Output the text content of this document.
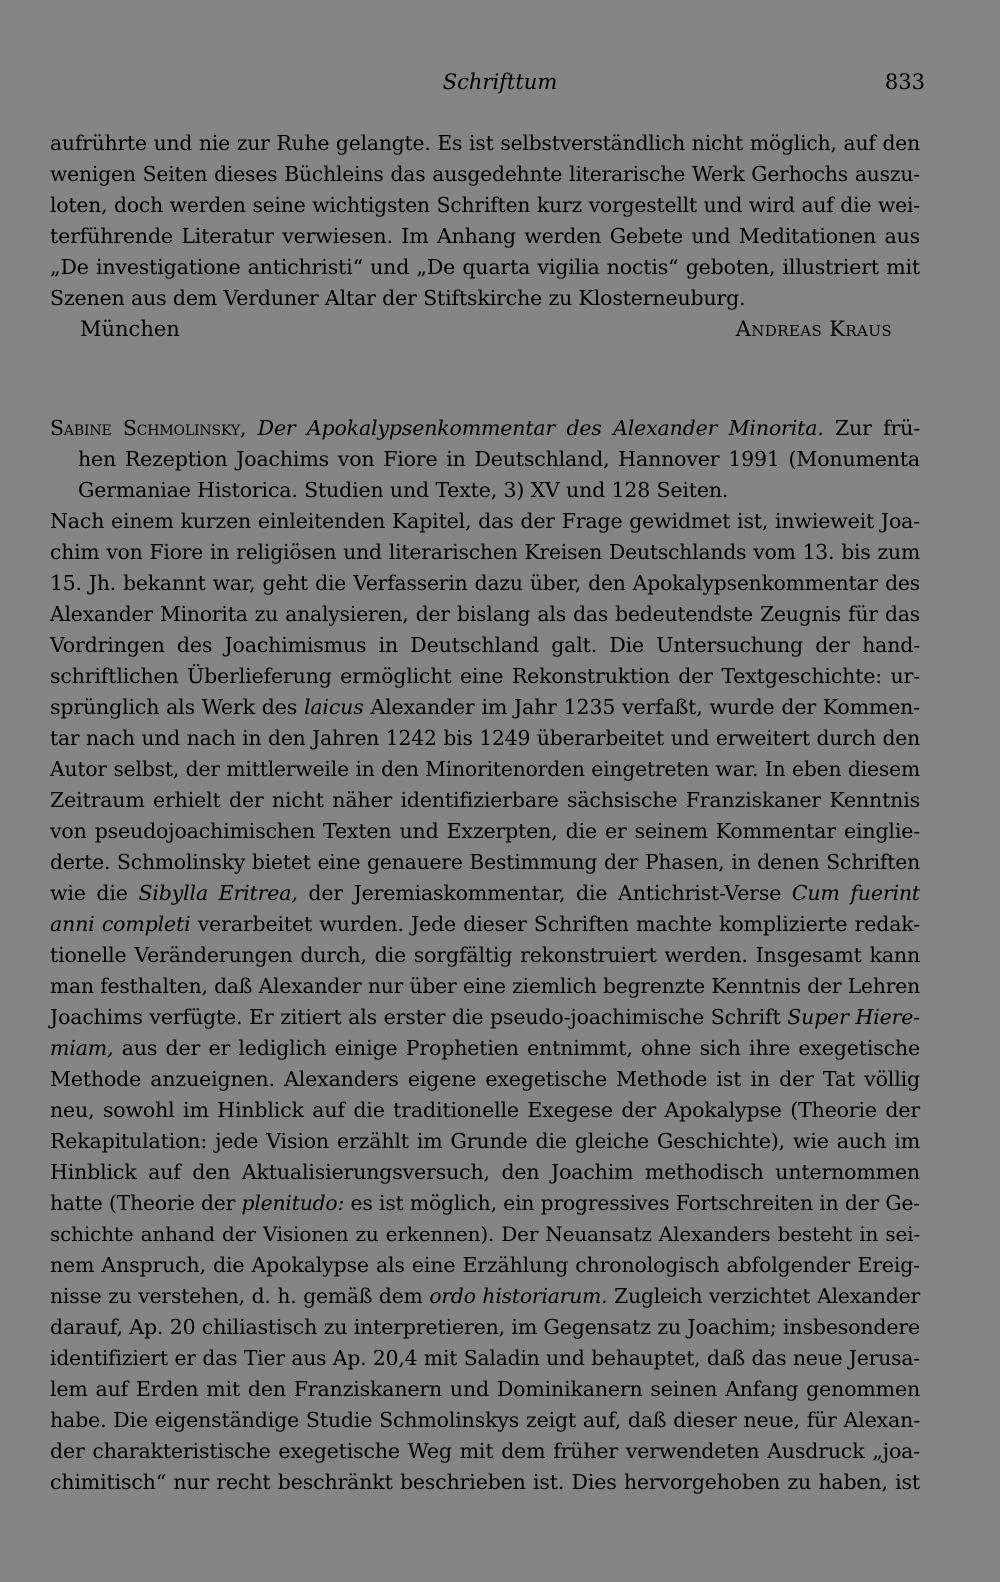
Schrifttum	833
aufrührte und nie zur Ruhe gelangte. Es ist selbstverständlich nicht möglich, auf den
wenigen Seiten dieses Büchleins das ausgedehnte literarische Werk Gerhochs auszu-
loten, doch werden seine wichtigsten Schriften kurz vorgestellt und wird auf die wei-
terführende Literatur verwiesen. Im Anhang werden Gebete und Meditationen aus
„De investigatione antichristi“ und „De quarta vigilia noctis“ geboten, illustriert mit
Szenen aus dem Verduner Altar der Stiftskirche zu Klosterneuburg.
München	Andreas Kraus
Sabine Schmolinsky, Der Apokalypsenkommentar des Alexander Minorita. Zur frü-
hen Rezeption Joachims von Fiore in Deutschland, Hannover 1991 (Monumenta
Germaniae Historica. Studien und Texte, 3) XV und 128 Seiten.
Nach einem kurzen einleitenden Kapitel, das der Frage gewidmet ist, inwieweit Joa-
chim von Fiore in religiösen und literarischen Kreisen Deutschlands vom 13. bis zum
15. Jh. bekannt war, geht die Verfasserin dazu über, den Apokalypsenkommentar des
Alexander Minorita zu analysieren, der bislang als das bedeutendste Zeugnis für das
Vordringen des Joachimismus in Deutschland galt. Die Untersuchung der hand-
schriftlichen Überlieferung ermöglicht eine Rekonstruktion der Textgeschichte: ur-
sprünglich als Werk des laicus Alexander im Jahr 1235 verfaßt, wurde der Kommen-
tar nach und nach in den Jahren 1242 bis 1249 überarbeitet und erweitert durch den
Autor selbst, der mittlerweile in den Minoritenorden eingetreten war. In eben diesem
Zeitraum erhielt der nicht näher identifizierbare sächsische Franziskaner Kenntnis
von pseudojoachimischen Texten und Exzerpten, die er seinem Kommentar einglie-
derte. Schmolinsky bietet eine genauere Bestimmung der Phasen, in denen Schriften
wie die Sibylla Eritrea, der Jeremiaskommentar, die Antichrist-Verse Cum fuerint
anni completi verarbeitet wurden. Jede dieser Schriften machte komplizierte redak-
tionelle Veränderungen durch, die sorgfältig rekonstruiert werden. Insgesamt kann
man festhalten, daß Alexander nur über eine ziemlich begrenzte Kenntnis der Lehren
Joachims verfügte. Er zitiert als erster die pseudo-joachimische Schrift Super Hiere-
miam, aus der er lediglich einige Prophetien entnimmt, ohne sich ihre exegetische
Methode anzueignen. Alexanders eigene exegetische Methode ist in der Tat völlig
neu, sowohl im Hinblick auf die traditionelle Exegese der Apokalypse (Theorie der
Rekapitulation: jede Vision erzählt im Grunde die gleiche Geschichte), wie auch im
Hinblick auf den Aktualisierungsversuch, den Joachim methodisch unternommen
hatte (Theorie der plenitudo: es ist möglich, ein progressives Fortschreiten in der Ge-
schichte anhand der Visionen zu erkennen). Der Neuansatz Alexanders besteht in sei-
nem Anspruch, die Apokalypse als eine Erzählung chronologisch abfolgender Ereig-
nisse zu verstehen, d. h. gemäß dem ordo historiarum. Zugleich verzichtet Alexander
darauf, Ap. 20 chiliastisch zu interpretieren, im Gegensatz zu Joachim; insbesondere
identifiziert er das Tier aus Ap. 20,4 mit Saladin und behauptet, daß das neue Jerusa-
lem auf Erden mit den Franziskanern und Dominikanern seinen Anfang genommen
habe. Die eigenständige Studie Schmolinskys zeigt auf, daß dieser neue, für Alexan-
der charakteristische exegetische Weg mit dem früher verwendeten Ausdruck „joa-
chimitisch“ nur recht beschränkt beschrieben ist. Dies hervorgehoben zu haben, ist
